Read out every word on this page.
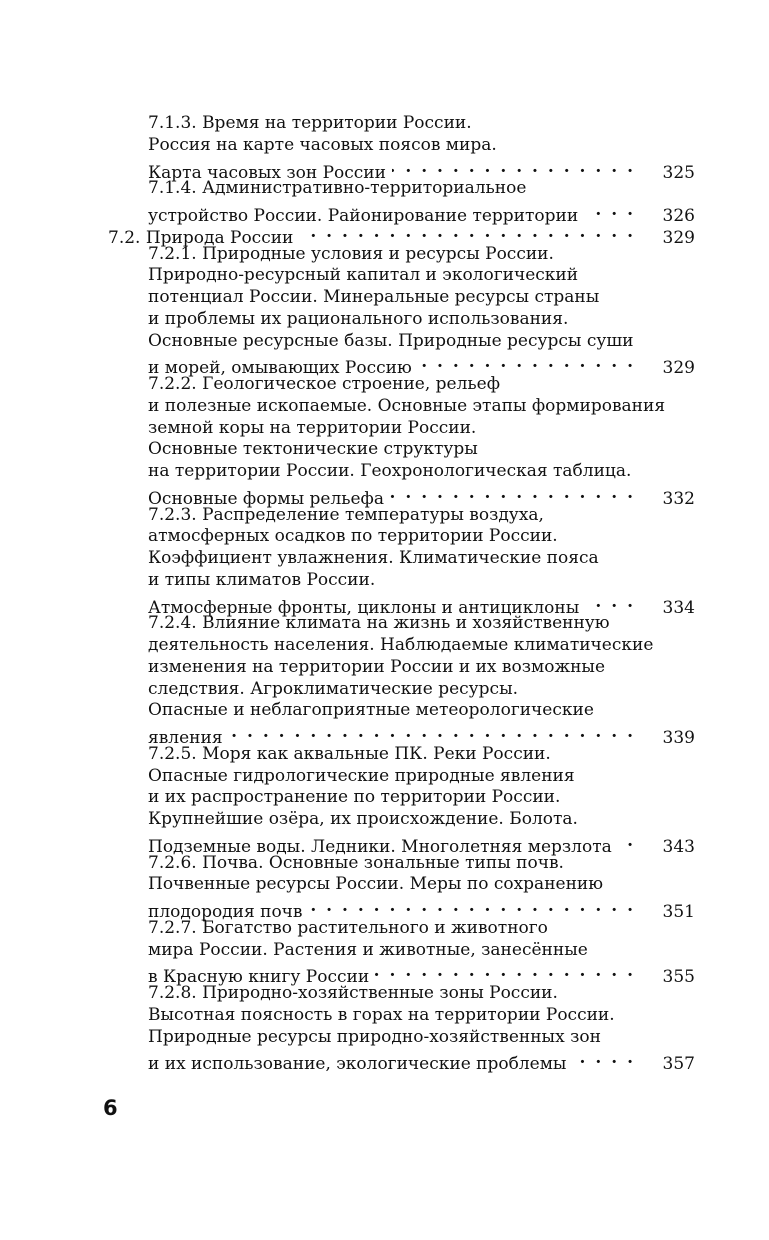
7.1.3. Время на территории России.
Россия на карте часовых поясов мира.
Карта часовых зон России . . .	325
7.1.4. Административно-территориальное
устройство России. Районирование территории . . .	326
7.2. Природа России . . .	329
7.2.1. Природные условия и ресурсы России.
Природно-ресурсный капитал и экологический
потенциал России. Минеральные ресурсы страны
и проблемы их рационального использования.
Основные ресурсные базы. Природные ресурсы суши
и морей, омывающих Россию . . .	329
7.2.2. Геологическое строение, рельеф
и полезные ископаемые. Основные этапы формирования
земной коры на территории России.
Основные тектонические структуры
на территории России. Геохронологическая таблица.
Основные формы рельефа . . .	332
7.2.3. Распределение температуры воздуха,
атмосферных осадков по территории России.
Коэффициент увлажнения. Климатические пояса
и типы климатов России.
Атмосферные фронты, циклоны и антициклоны . . .	334
7.2.4. Влияние климата на жизнь и хозяйственную
деятельность населения. Наблюдаемые климатические
изменения на территории России и их возможные
следствия. Агроклиматические ресурсы.
Опасные и неблагоприятные метеорологические
явления . . .	339
7.2.5. Моря как аквальные ПК. Реки России.
Опасные гидрологические природные явления
и их распространение по территории России.
Крупнейшие озёра, их происхождение. Болота.
Подземные воды. Ледники. Многолетняя мерзлота . . .	343
7.2.6. Почва. Основные зональные типы почв.
Почвенные ресурсы России. Меры по сохранению
плодородия почв . . .	351
7.2.7. Богатство растительного и животного
мира России. Растения и животные, занесённые
в Красную книгу России . . .	355
7.2.8. Природно-хозяйственные зоны России.
Высотная поясность в горах на территории России.
Природные ресурсы природно-хозяйственных зон
и их использование, экологические проблемы . . .	357
6
